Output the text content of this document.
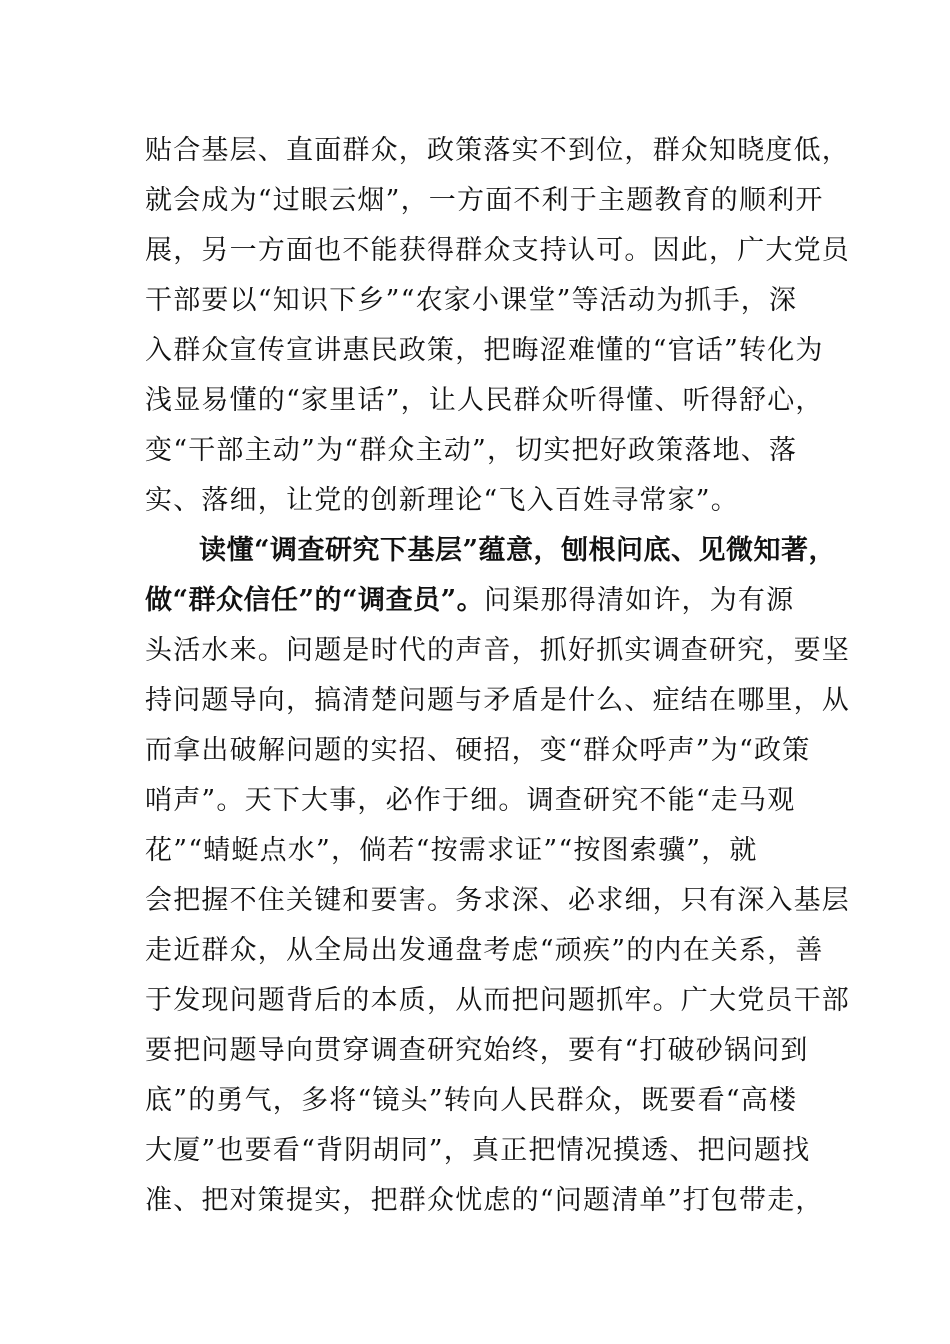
贴合基层、直面群众，政策落实不到位，群众知晓度低，
就会成为“过眼云烟”，一方面不利于主题教育的顺利开
展，另一方面也不能获得群众支持认可。因此，广大党员
干部要以“知识下乡”“农家小课堂”等活动为抓手，深
入群众宣传宣讲惠民政策，把晦涩难懂的“官话”转化为
浅显易懂的“家里话”，让人民群众听得懂、听得舒心，
变“干部主动”为“群众主动”，切实把好政策落地、落
实、落细，让党的创新理论“飞入百姓寻常家”。
读懂“调查研究下基层”蕴意，刨根问底、见微知著，
做“群众信任”的“调查员”。问渠那得清如许，为有源
头活水来。问题是时代的声音，抓好抓实调查研究，要坚
持问题导向，搞清楚问题与矛盾是什么、症结在哪里，从
而拿出破解问题的实招、硬招，变“群众呼声”为“政策
哨声”。天下大事，必作于细。调查研究不能“走马观
花”“蜻蜓点水”，倘若“按需求证”“按图索骥”，就
会把握不住关键和要害。务求深、必求细，只有深入基层
走近群众，从全局出发通盘考虑“顽疾”的内在关系，善
于发现问题背后的本质，从而把问题抓牢。广大党员干部
要把问题导向贯穿调查研究始终，要有“打破砂锅问到
底”的勇气，多将“镜头”转向人民群众，既要看“高楼
大厦”也要看“背阴胡同”，真正把情况摸透、把问题找
准、把对策提实，把群众忧虑的“问题清单”打包带走，
